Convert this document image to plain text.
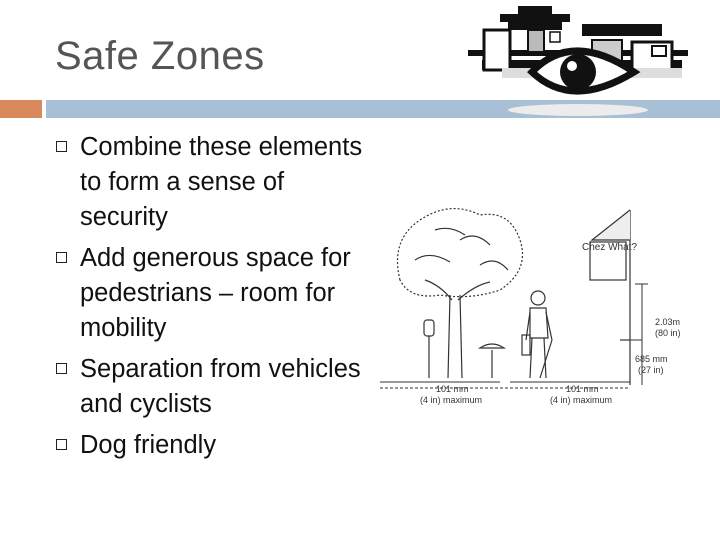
Safe Zones
Combine these elements to form a sense of security
Add generous space for pedestrians – room for mobility
Separation from vehicles and cyclists
Dog friendly
Chez What?
2.03m
(80 in)
685 mm
(27 in)
101 mm
(4 in) maximum
101 mm
(4 in) maximum
